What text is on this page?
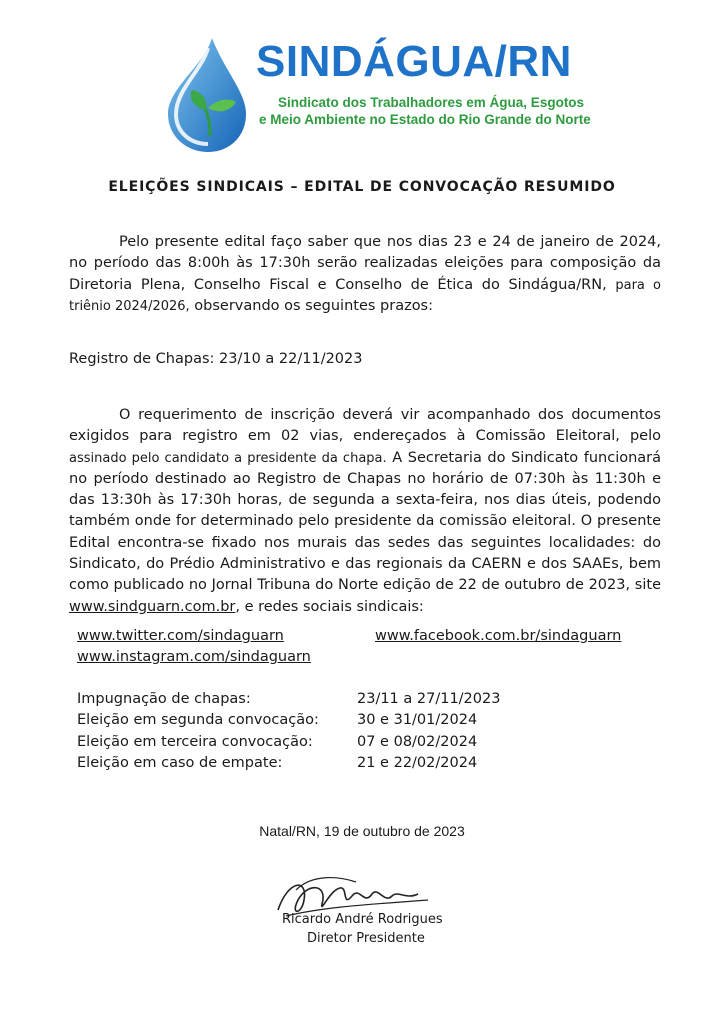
SINDÁGUA/RN
Sindicato dos Trabalhadores em Água, Esgotos
e Meio Ambiente no Estado do Rio Grande do Norte
ELEIÇÕES SINDICAIS – EDITAL DE CONVOCAÇÃO RESUMIDO
Pelo presente edital faço saber que nos dias 23 e 24 de janeiro de 2024, no período das 8:00h às 17:30h serão realizadas eleições para composição da Diretoria Plena, Conselho Fiscal e Conselho de Ética do Sindágua/RN, para o triênio 2024/2026, observando os seguintes prazos:
Registro de Chapas: 23/10 a 22/11/2023
O requerimento de inscrição deverá vir acompanhado dos documentos exigidos para registro em 02 vias, endereçados à Comissão Eleitoral, pelo assinado pelo candidato a presidente da chapa. A Secretaria do Sindicato funcionará no período destinado ao Registro de Chapas no horário de 07:30h às 11:30h e das 13:30h às 17:30h horas, de segunda a sexta-feira, nos dias úteis, podendo também onde for determinado pelo presidente da comissão eleitoral. O presente Edital encontra-se fixado nos murais das sedes das seguintes localidades: do Sindicato, do Prédio Administrativo e das regionais da CAERN e dos SAAEs, bem como publicado no Jornal Tribuna do Norte edição de 22 de outubro de 2023, site www.sindguarn.com.br, e redes sociais sindicais:
www.twitter.com/sindaguarn	www.facebook.com.br/sindaguarn
www.instagram.com/sindaguarn
Impugnação de chapas:	23/11 a 27/11/2023
Eleição em segunda convocação:	30 e 31/01/2024
Eleição em terceira convocação:	07 e 08/02/2024
Eleição em caso de empate:	21 e 22/02/2024
Natal/RN, 19 de outubro de 2023
Ricardo André Rodrigues
Diretor Presidente
